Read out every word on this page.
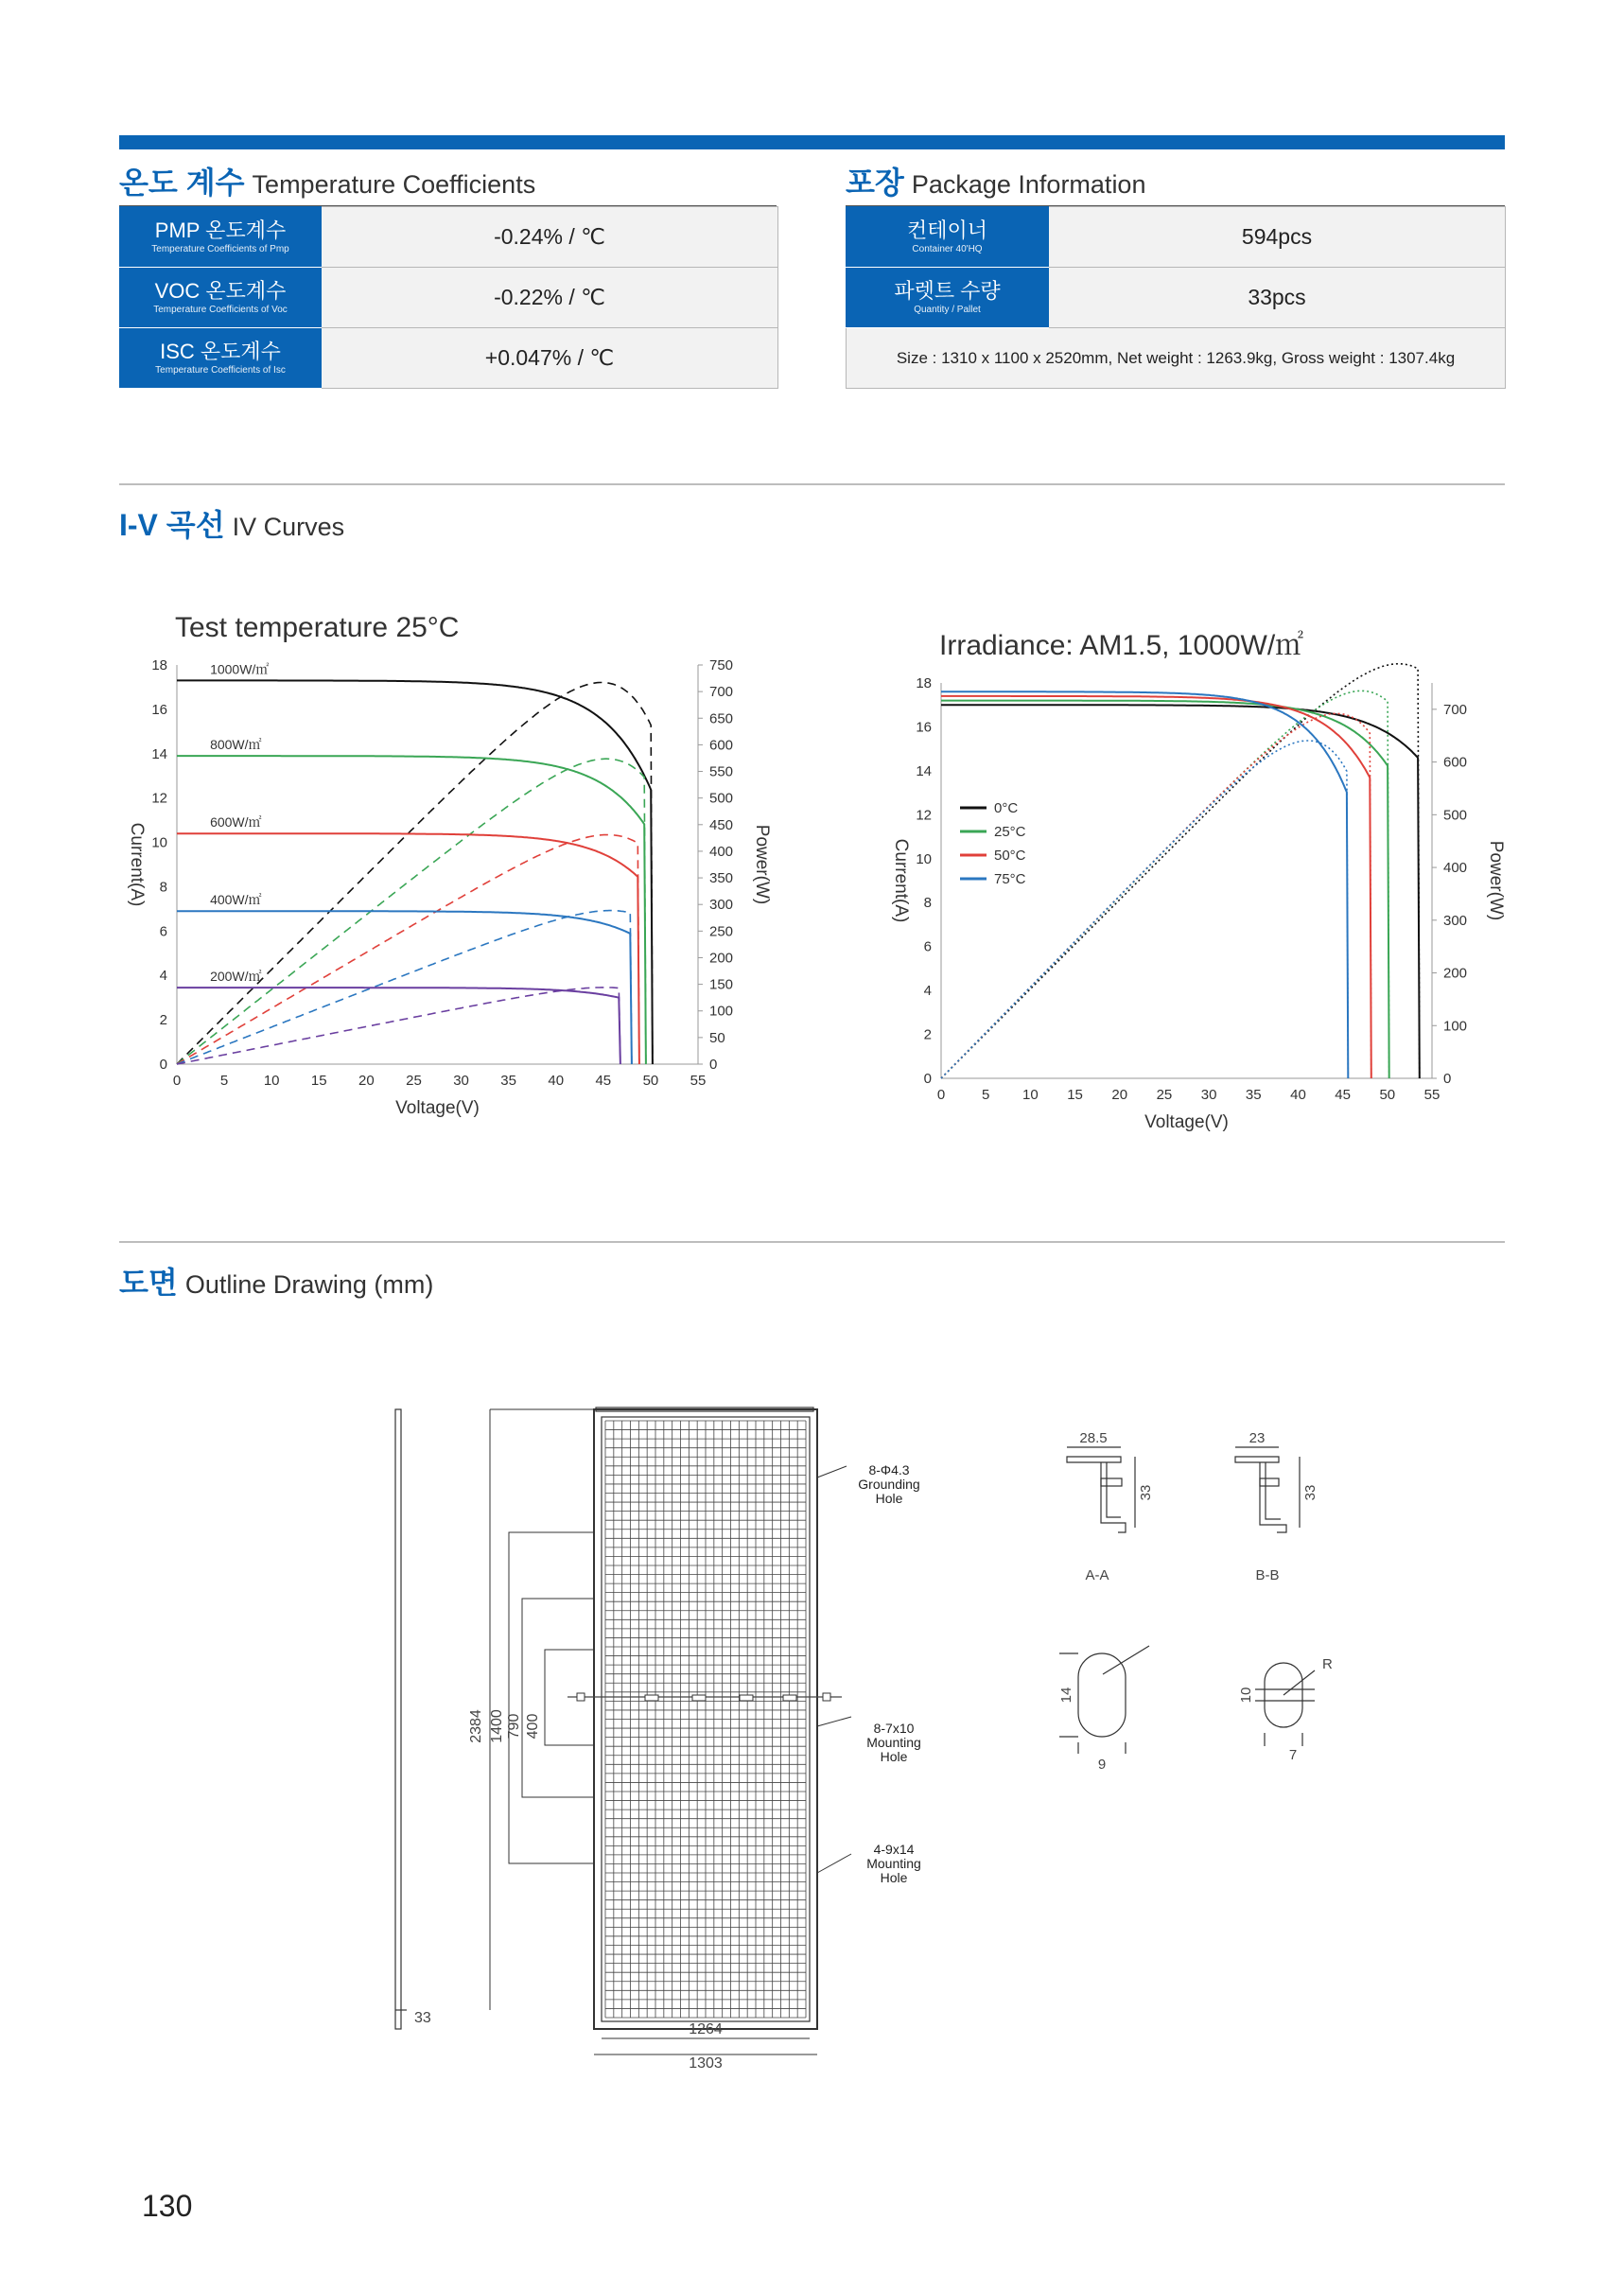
온도 계수 Temperature Coefficients
PMP 온도계수
Temperature Coefficients of Pmp	-0.24% / ℃

VOC 온도계수
Temperature Coefficients of Voc	-0.22% / ℃

ISC 온도계수
Temperature Coefficients of Isc	+0.047% / ℃
포장 Package Information
컨테이너
Container 40'HQ	594pcs

파렛트 수량
Quantity / Pallet	33pcs
Size : 1310 x 1100 x 2520mm, Net weight : 1263.9kg, Gross weight : 1307.4kg	
I-V 곡선 IV Curves
Test temperature 25°C
0	5	10 15 20 25 30 35 40 45 50 55
0
2
4
6
8
10
12
14
16
18
0
50
100
150
200
250
300
350
400
450
500
550
600
650
700
750
Voltage(V)
Current(A)	Power(W)
1000W/㎡
800W/㎡
600W/㎡
400W/㎡
200W/㎡
Irradiance: AM1.5, 1000W/㎡
0	5 10 15 20 25 30 35 40 45 50 55
0
2
4
6
8
10
12
14
16
18
0
100
200
300
400
500
600
700
Voltage(V)
Current(A)	Power(W)
0°C
25°C
50°C
75°C
도면 Outline Drawing (mm)
2384 1400 790 400
33
1264
1303
8-Φ4.3
Grounding
Hole
8-7x10
Mounting
Hole
4-9x14
Mounting
Hole
28.5
33
A-A
23
33
B-B
14
9
10
7
R
130
